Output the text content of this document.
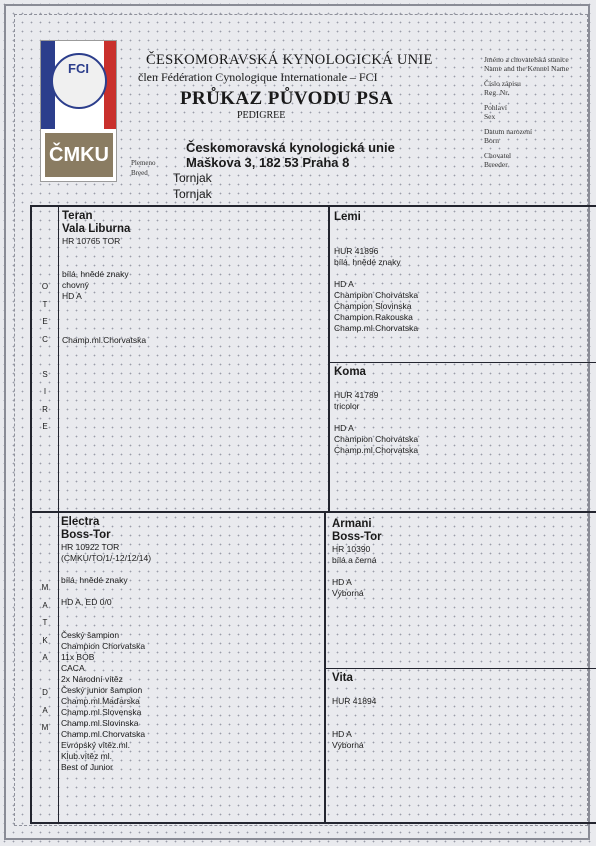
FCI
ČMKU
ČESKOMORAVSKÁ KYNOLOGICKÁ UNIE
člen Fédération Cynologique Internationale – FCI
PRŮKAZ PŮVODU PSA
PEDIGREE
Českomoravská kynologická unie
Maškova 3, 182 53 Praha 8
Plemeno
Breed	Tornjak
Tornjak
Jméno a chovatelská stanice
Name and the Kennel Name
Číslo zápisu
Reg. Nr.
Pohlaví
Sex
Datum narození
Born
Chovatel
Breeder
O
T
E
C
S
I
R
E
M
A
T
K
A
D
A
M
Teran
Vala Liburna
HR 10765 TOR
bílá, hnědé znaky
chovný
HD A
Champ.ml.Chorvatska
Lemi
HUR 41896
bílá, hnědé znaky
HD A
Champion Chorvatska
Champion Slovinska
Champion Rakouska
Champ.ml.Chorvatska
Koma
HUR 41789
tricolor
HD A
Champion Chorvatska
Champ.ml.Chorvatska
Electra
Boss-Tor
HR 10922 TOR
(CMKU/TO/1/-12/12/14)
bílá, hnědé znaky
HD A, ED 0/0
Český šampion
Champion Chorvatska
11x BOB
CACA
2x Národní vítěz
Český junior šampion
Champ.ml.Maďarska
Champ.ml.Slovenska
Champ.ml.Slovinska
Champ.ml.Chorvatska
Evropský vítěz.ml.
Klub.vítěz ml.
Best of Junior
Armani
Boss-Tor
HR 10390
bílá a černá
HD A
Výborná
Vita
HUR 41894
HD A
Výborná
